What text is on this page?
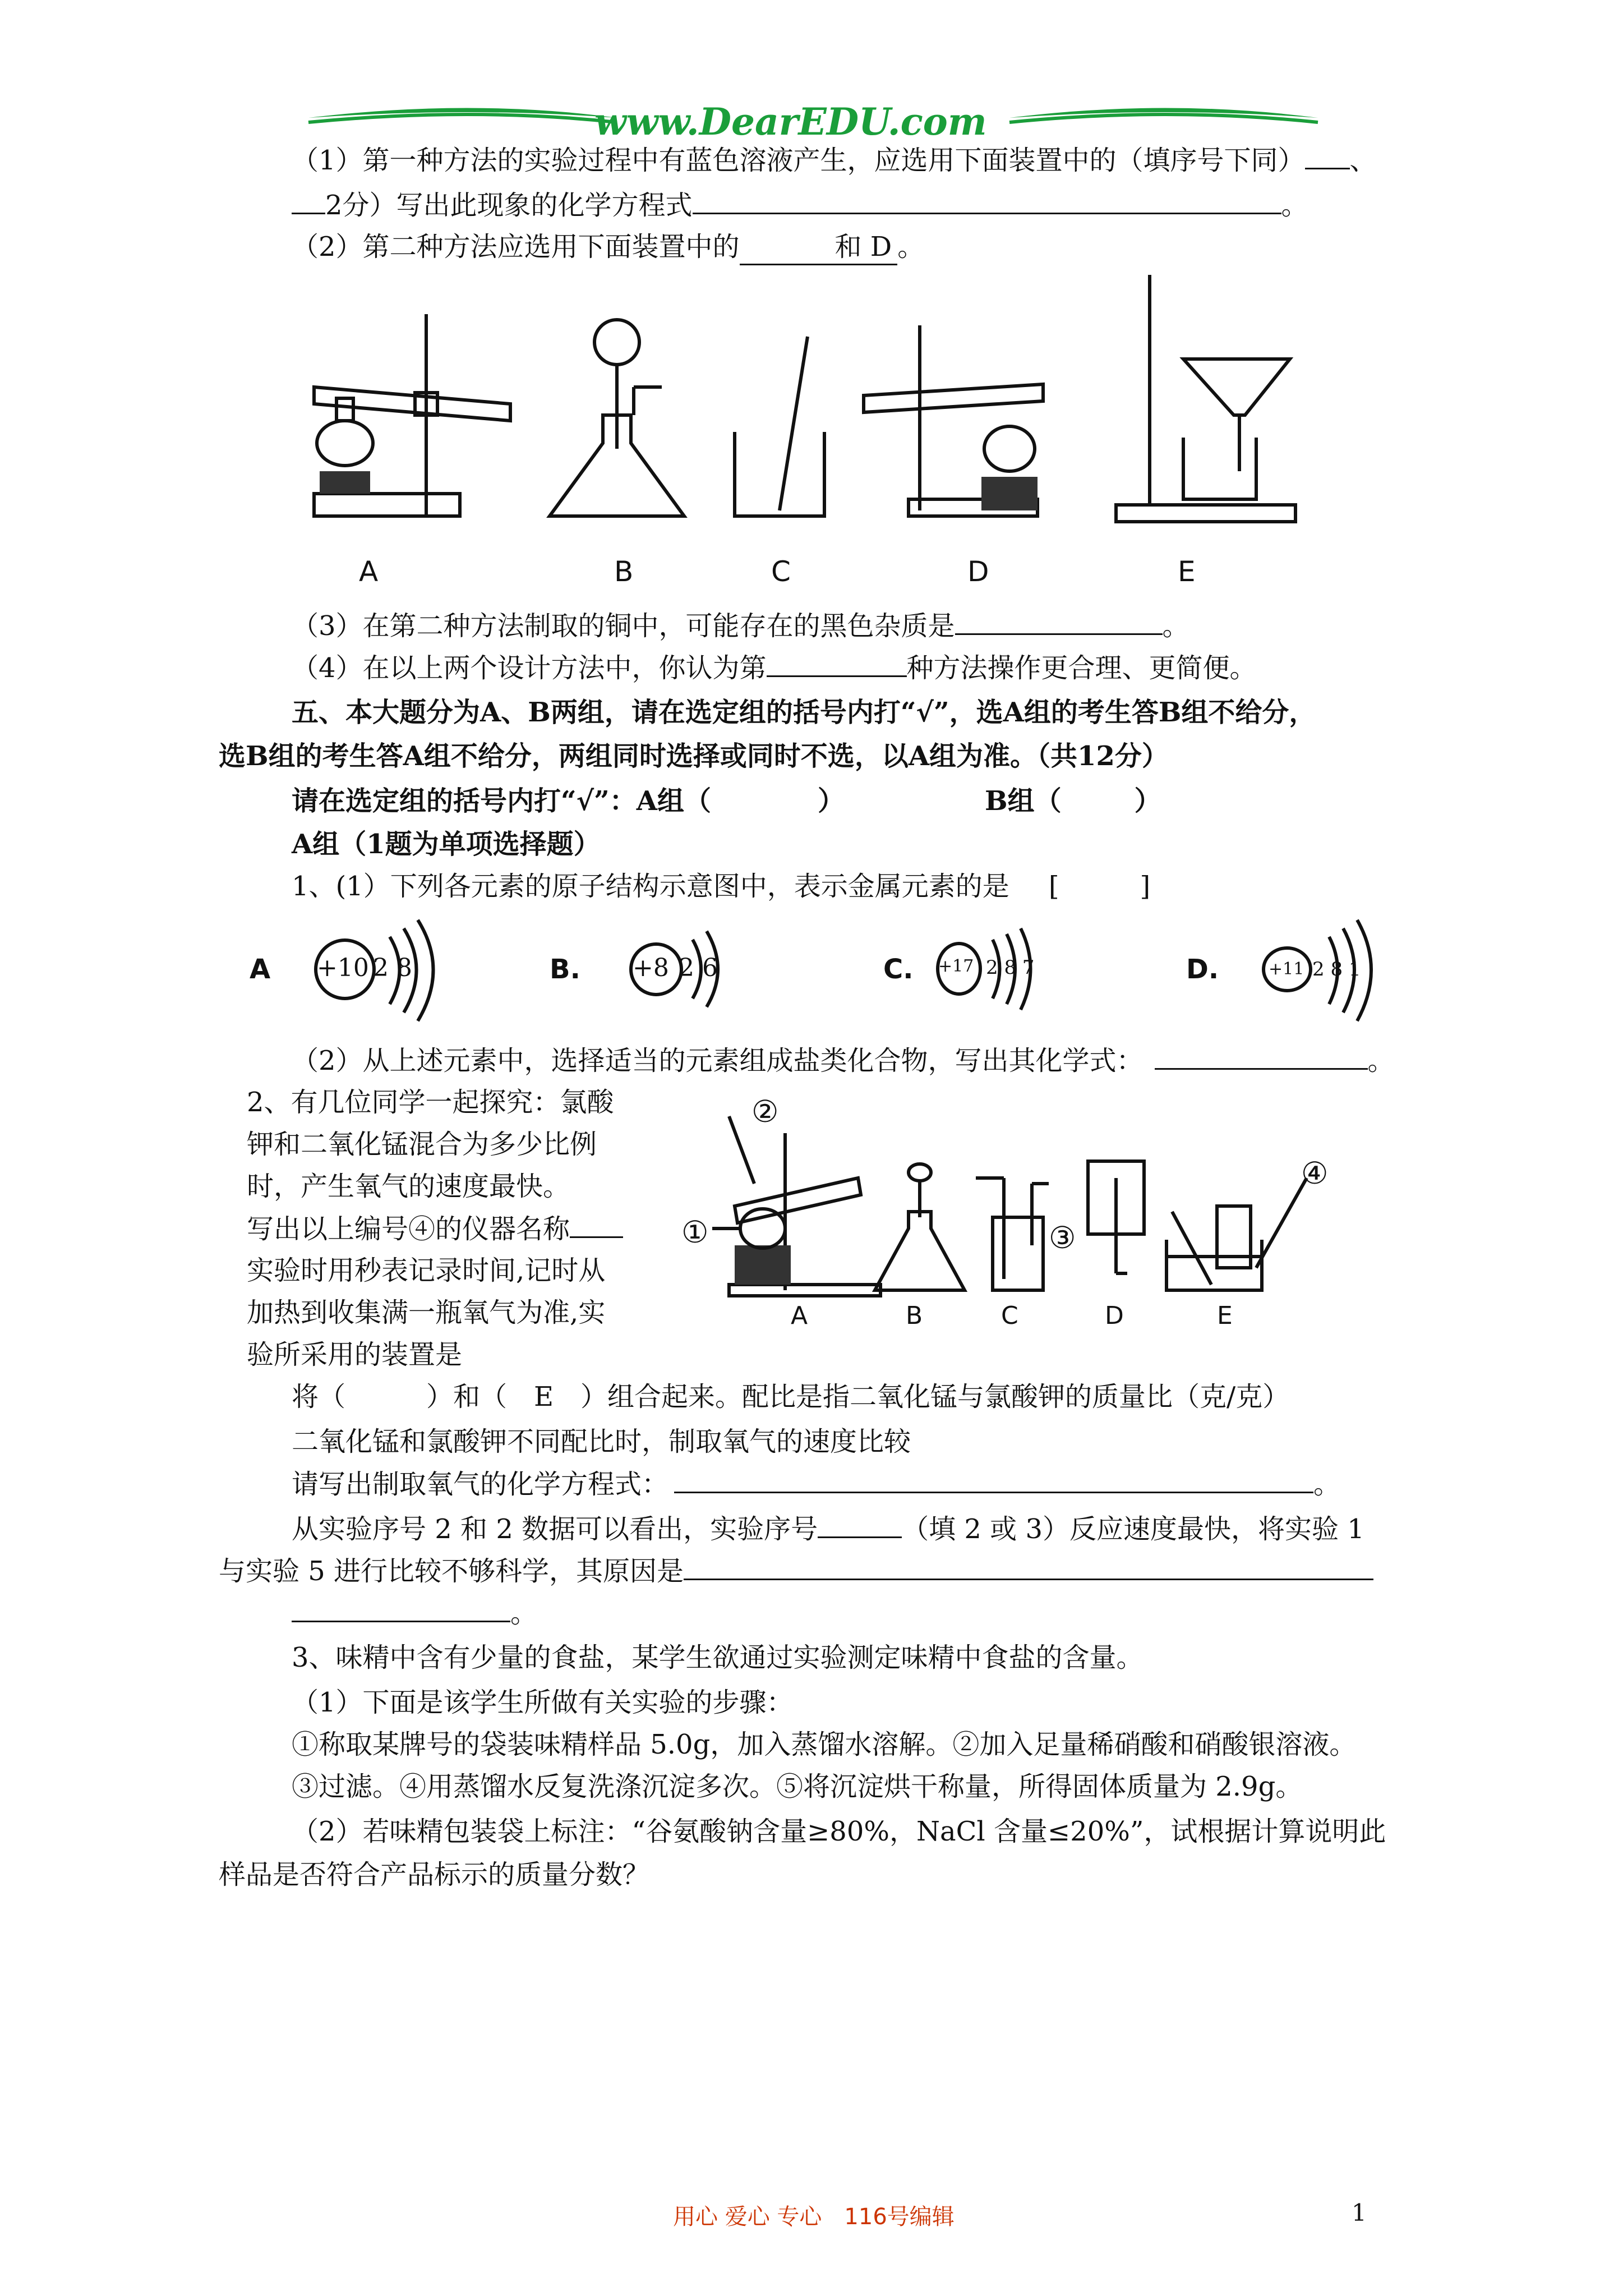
www.DearEDU.com
（1）第一种方法的实验过程中有蓝色溶液产生，应选用下面装置中的（填序号下同） 、
2分）写出此现象的化学方程式	。
（2）第二种方法应选用下面装置中的	和 D 。
A	B	C	D	E
（3）在第二种方法制取的铜中，可能存在的黑色杂质是	。
（4）在以上两个设计方法中，你认为第	种方法操作更合理、更简便。
五、本大题分为A、B两组，请在选定组的括号内打“√”，选A组的考生答B组不给分，
选B组的考生答A组不给分，两组同时选择或同时不选，以A组为准。（共12分）
请在选定组的括号内打“√”：A组（	）	B组（	）
A组（1题为单项选择题）
1、(1）下列各元素的原子结构示意图中，表示金属元素的是 [　　　]
A +10 2 8	B. +8 2 6	C. +17 2 8 7	D.	+11 2 8 1
（2）从上述元素中，选择适当的元素组成盐类化合物，写出其化学式：	。
2、有几位同学一起探究：氯酸
钾和二氧化锰混合为多少比例
时，产生氧气的速度最快。
写出以上编号④的仪器名称
实验时用秒表记录时间,记时从
加热到收集满一瓶氧气为准,实
验所采用的装置是
①
②
③
④
A	B	C	D	E
将（　　　）和（　E　）组合起来。配比是指二氧化锰与氯酸钾的质量比（克/克）
二氧化锰和氯酸钾不同配比时，制取氧气的速度比较
请写出制取氧气的化学方程式：	。
从实验序号 2 和 2 数据可以看出，实验序号	（填 2 或 3）反应速度最快，将实验 1
与实验 5 进行比较不够科学，其原因是
。
3、味精中含有少量的食盐，某学生欲通过实验测定味精中食盐的含量。
（1）下面是该学生所做有关实验的步骤：
①称取某牌号的袋装味精样品 5.0g，加入蒸馏水溶解。②加入足量稀硝酸和硝酸银溶液。
③过滤。④用蒸馏水反复洗涤沉淀多次。⑤将沉淀烘干称量，所得固体质量为 2.9g。
（2）若味精包装袋上标注：“谷氨酸钠含量≥80%，NaCl 含量≤20%”，试根据计算说明此
样品是否符合产品标示的质量分数？
用心 爱心 专心　116号编辑	1
